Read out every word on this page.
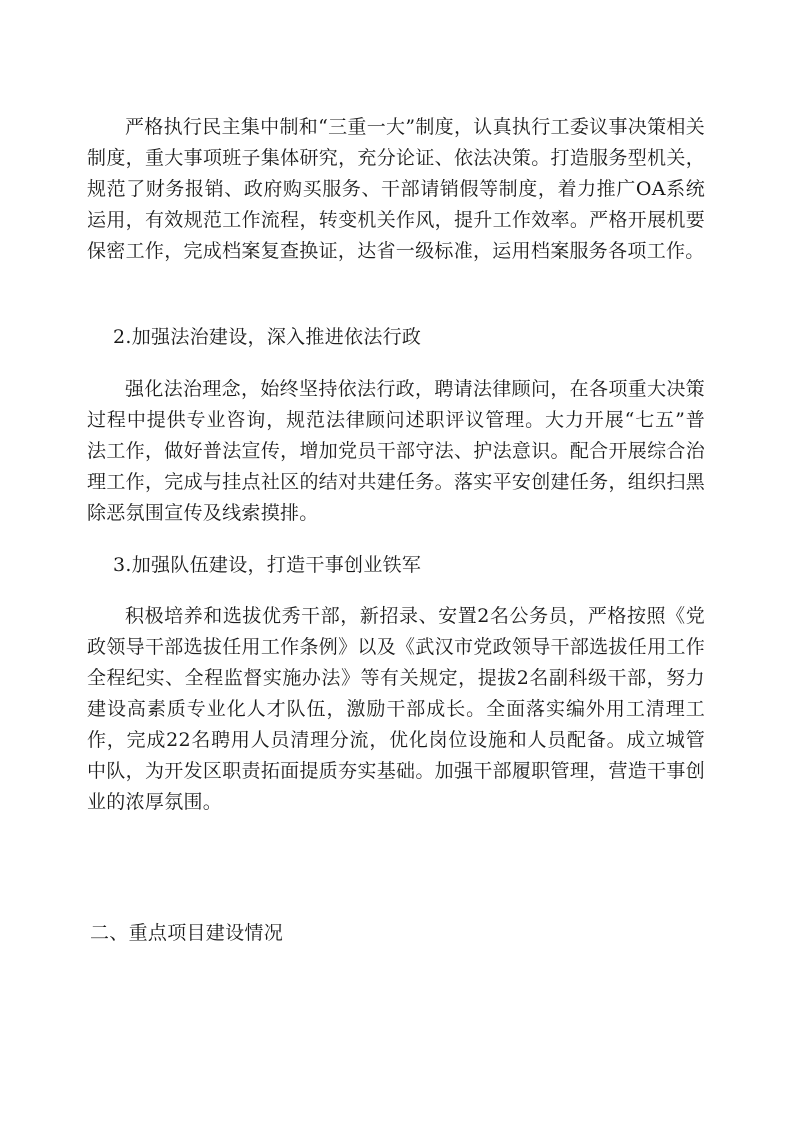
严格执行民主集中制和“三重一大”制度，认真执行工委议事决策相关制度，重大事项班子集体研究，充分论证、依法决策。打造服务型机关，规范了财务报销、政府购买服务、干部请销假等制度，着力推广OA系统运用，有效规范工作流程，转变机关作风，提升工作效率。严格开展机要保密工作，完成档案复查换证，达省一级标准，运用档案服务各项工作。

2.加强法治建设，深入推进依法行政

强化法治理念，始终坚持依法行政，聘请法律顾问，在各项重大决策过程中提供专业咨询，规范法律顾问述职评议管理。大力开展“七五”普法工作，做好普法宣传，增加党员干部守法、护法意识。配合开展综合治理工作，完成与挂点社区的结对共建任务。落实平安创建任务，组织扫黑除恶氛围宣传及线索摸排。

3.加强队伍建设，打造干事创业铁军

积极培养和选拔优秀干部，新招录、安置2名公务员，严格按照《党政领导干部选拔任用工作条例》以及《武汉市党政领导干部选拔任用工作全程纪实、全程监督实施办法》等有关规定，提拔2名副科级干部，努力建设高素质专业化人才队伍，激励干部成长。全面落实编外用工清理工作，完成22名聘用人员清理分流，优化岗位设施和人员配备。成立城管中队，为开发区职责拓面提质夯实基础。加强干部履职管理，营造干事创业的浓厚氛围。

二、重点项目建设情况
